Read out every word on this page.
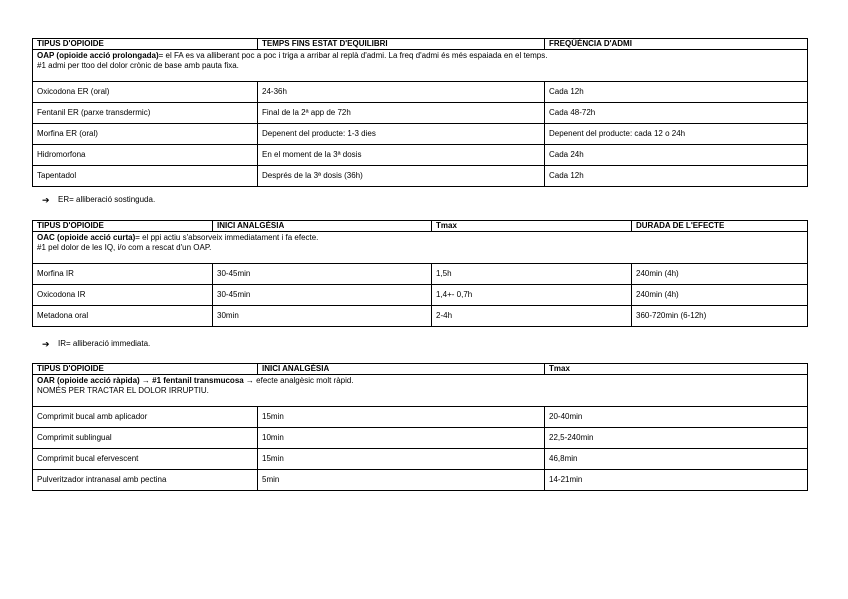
TIPUS D'OPIOIDE	TEMPS FINS ESTAT D'EQUILIBRI	FREQÜÈNCIA D'ADMI
OAP (opioide acció prolongada)= el FA es va alliberant poc a poc i triga a arribar al replà d'admi. La freq d'admi és més espaiada en el temps.
#1 admi per ttoo del dolor crònic de base amb pauta fixa.		
Oxicodona ER (oral)	24-36h	Cada 12h
Fentanil ER (parxe transdermic)	Final de la 2ª app de 72h	Cada 48-72h
Morfina ER (oral)	Depenent del producte: 1-3 dies	Depenent del producte: cada 12 o 24h
Hidromorfona	En el moment de la 3ª dosis	Cada 24h
Tapentadol	Després de la 3ª dosis (36h)	Cada 12h
➔ ER= alliberació sostinguda.
TIPUS D'OPIOIDE	INICI ANALGÉSIA	Tmax	DURADA DE L'EFECTE
OAC (opioide acció curta)= el ppi actiu s'absorveix immediatament i fa efecte.
#1 pel dolor de les IQ, i/o com a rescat d'un OAP.			
Morfina IR	30-45min	1,5h	240min (4h)
Oxicodona IR	30-45min	1,4+- 0,7h	240min (4h)
Metadona oral	30min	2-4h	360-720min (6-12h)
➔ IR= alliberació immediata.
TIPUS D'OPIOIDE	INICI ANALGÉSIA	Tmax
OAR (opioide acció ràpida) → #1 fentanil transmucosa → efecte analgèsic molt ràpid.
NOMÉS PER TRACTAR EL DOLOR IRRUPTIU.		
Comprimit bucal amb aplicador	15min	20-40min
Comprimit sublingual	10min	22,5-240min
Comprimit bucal efervescent	15min	46,8min
Pulveritzador intranasal amb pectina	5min	14-21min
